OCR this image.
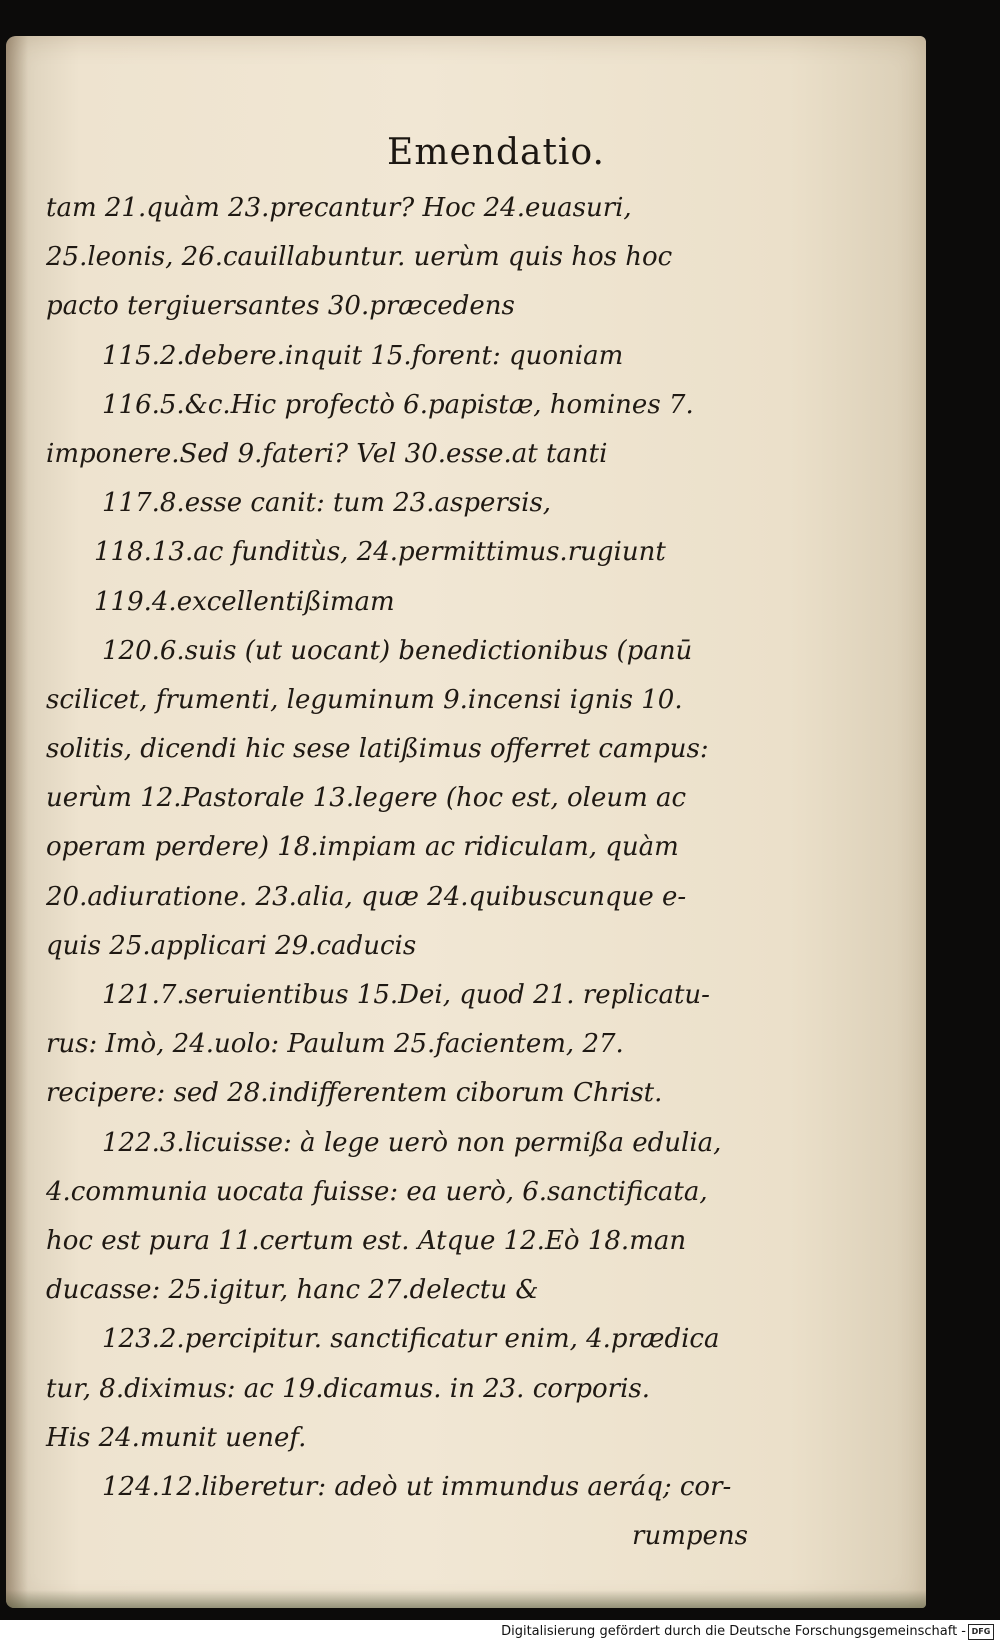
Emendatio.
tam 21.quàm 23.precantur? Hoc 24.euasuri,
25.leonis, 26.cauillabuntur. uerùm quis hos hoc
pacto tergiuersantes 30.præcedens
115.2.debere.inquit 15.forent: quoniam
116.5.&c.Hic profectò 6.papistæ, homines 7.
imponere.Sed 9.fateri? Vel 30.esse.at tanti
117.8.esse canit: tum 23.aspersis,
118.13.ac funditùs, 24.permittimus.rugiunt
119.4.excellentißimam
120.6.suis (ut uocant) benedictionibus (panū
scilicet, frumenti, leguminum 9.incensi ignis 10.
solitis, dicendi hic sese latißimus offerret campus:
uerùm 12.Pastorale 13.legere (hoc est, oleum ac
operam perdere) 18.impiam ac ridiculam, quàm
20.adiuratione. 23.alia, quæ 24.quibuscunque e-
quis 25.applicari 29.caducis
121.7.seruientibus 15.Dei, quod 21. replicatu-
rus: Imò, 24.uolo: Paulum 25.facientem, 27.
recipere: sed 28.indifferentem ciborum Christ.
122.3.licuisse: à lege uerò non permißa edulia,
4.communia uocata fuisse: ea uerò, 6.sanctificata,
hoc est pura 11.certum est. Atque 12.Eò 18.man
ducasse: 25.igitur, hanc 27.delectu &
123.2.percipitur. sanctificatur enim, 4.prædica
tur, 8.diximus: ac 19.dicamus. in 23. corporis.
His 24.munit uenef.
124.12.liberetur: adeò ut immundus aeráq; cor-
rumpens
Digitalisierung gefördert durch die Deutsche Forschungsgemeinschaft - DFG
